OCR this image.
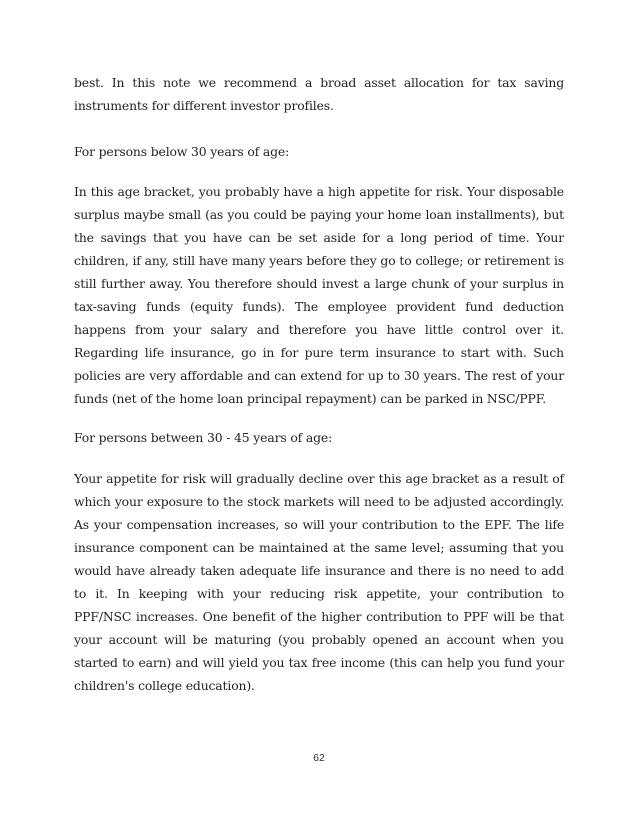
best. In this note we recommend a broad asset allocation for tax saving instruments for different investor profiles.

For persons below 30 years of age:

In this age bracket, you probably have a high appetite for risk. Your disposable surplus maybe small (as you could be paying your home loan installments), but the savings that you have can be set aside for a long period of time. Your children, if any, still have many years before they go to college; or retirement is still further away. You therefore should invest a large chunk of your surplus in tax-saving funds (equity funds). The employee provident fund deduction happens from your salary and therefore you have little control over it. Regarding life insurance, go in for pure term insurance to start with. Such policies are very affordable and can extend for up to 30 years. The rest of your funds (net of the home loan principal repayment) can be parked in NSC/PPF.

For persons between 30 - 45 years of age:

Your appetite for risk will gradually decline over this age bracket as a result of which your exposure to the stock markets will need to be adjusted accordingly. As your compensation increases, so will your contribution to the EPF. The life insurance component can be maintained at the same level; assuming that you would have already taken adequate life insurance and there is no need to add to it. In keeping with your reducing risk appetite, your contribution to PPF/NSC increases. One benefit of the higher contribution to PPF will be that your account will be maturing (you probably opened an account when you started to earn) and will yield you tax free income (this can help you fund your children's college education).

62
